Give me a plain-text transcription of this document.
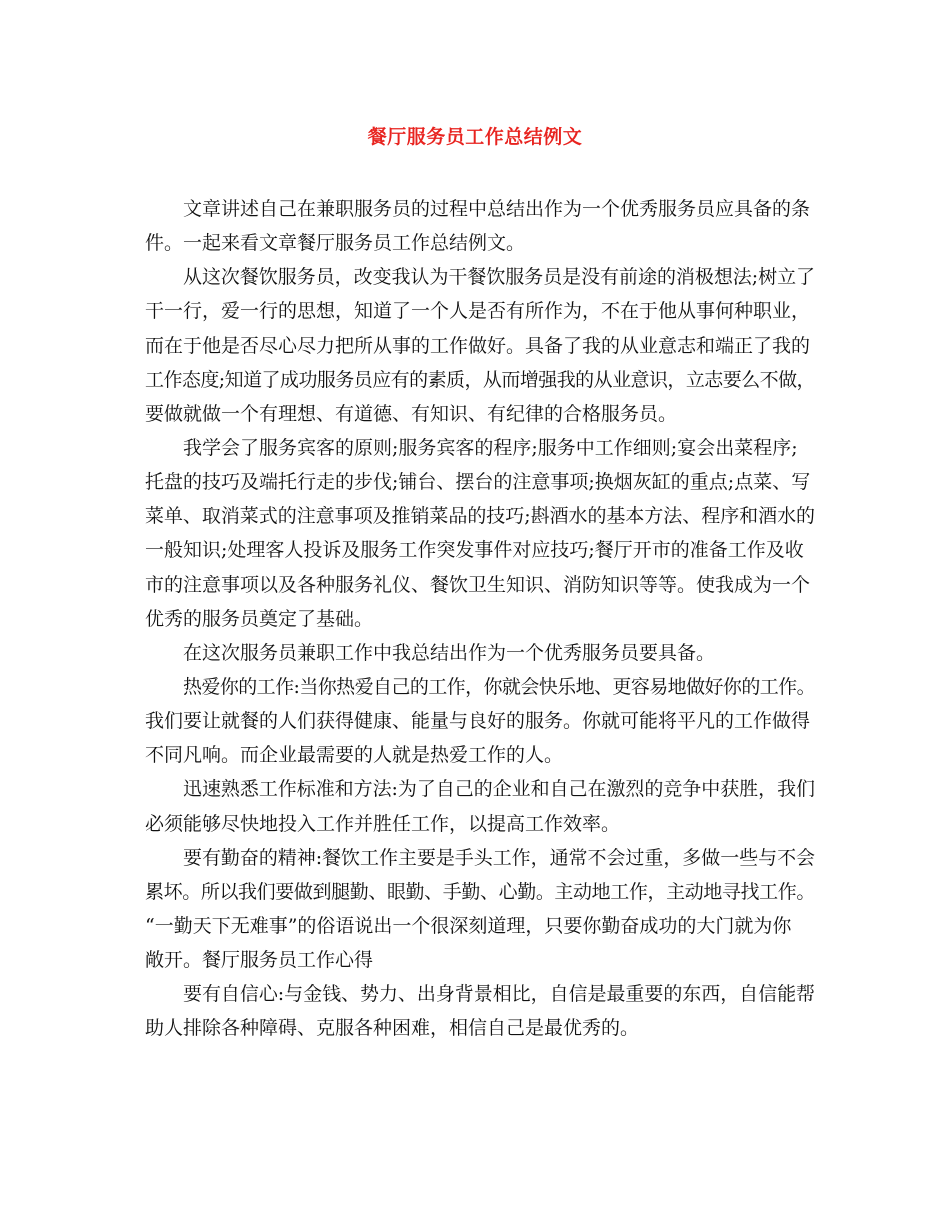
餐厅服务员工作总结例文
文章讲述自己在兼职服务员的过程中总结出作为一个优秀服务员应具备的条
件。一起来看文章餐厅服务员工作总结例文。
从这次餐饮服务员，改变我认为干餐饮服务员是没有前途的消极想法;树立了
干一行，爱一行的思想，知道了一个人是否有所作为，不在于他从事何种职业，
而在于他是否尽心尽力把所从事的工作做好。具备了我的从业意志和端正了我的
工作态度;知道了成功服务员应有的素质，从而增强我的从业意识，立志要么不做，
要做就做一个有理想、有道德、有知识、有纪律的合格服务员。
我学会了服务宾客的原则;服务宾客的程序;服务中工作细则;宴会出菜程序;
托盘的技巧及端托行走的步伐;铺台、摆台的注意事项;换烟灰缸的重点;点菜、写
菜单、取消菜式的注意事项及推销菜品的技巧;斟酒水的基本方法、程序和酒水的
一般知识;处理客人投诉及服务工作突发事件对应技巧;餐厅开市的准备工作及收
市的注意事项以及各种服务礼仪、餐饮卫生知识、消防知识等等。使我成为一个
优秀的服务员奠定了基础。
在这次服务员兼职工作中我总结出作为一个优秀服务员要具备。
热爱你的工作:当你热爱自己的工作，你就会快乐地、更容易地做好你的工作。
我们要让就餐的人们获得健康、能量与良好的服务。你就可能将平凡的工作做得
不同凡响。而企业最需要的人就是热爱工作的人。
迅速熟悉工作标准和方法:为了自己的企业和自己在激烈的竞争中获胜，我们
必须能够尽快地投入工作并胜任工作，以提高工作效率。
要有勤奋的精神:餐饮工作主要是手头工作，通常不会过重，多做一些与不会
累坏。所以我们要做到腿勤、眼勤、手勤、心勤。主动地工作，主动地寻找工作。
“一勤天下无难事”的俗语说出一个很深刻道理，只要你勤奋成功的大门就为你
敞开。餐厅服务员工作心得
要有自信心:与金钱、势力、出身背景相比，自信是最重要的东西，自信能帮
助人排除各种障碍、克服各种困难，相信自己是最优秀的。
